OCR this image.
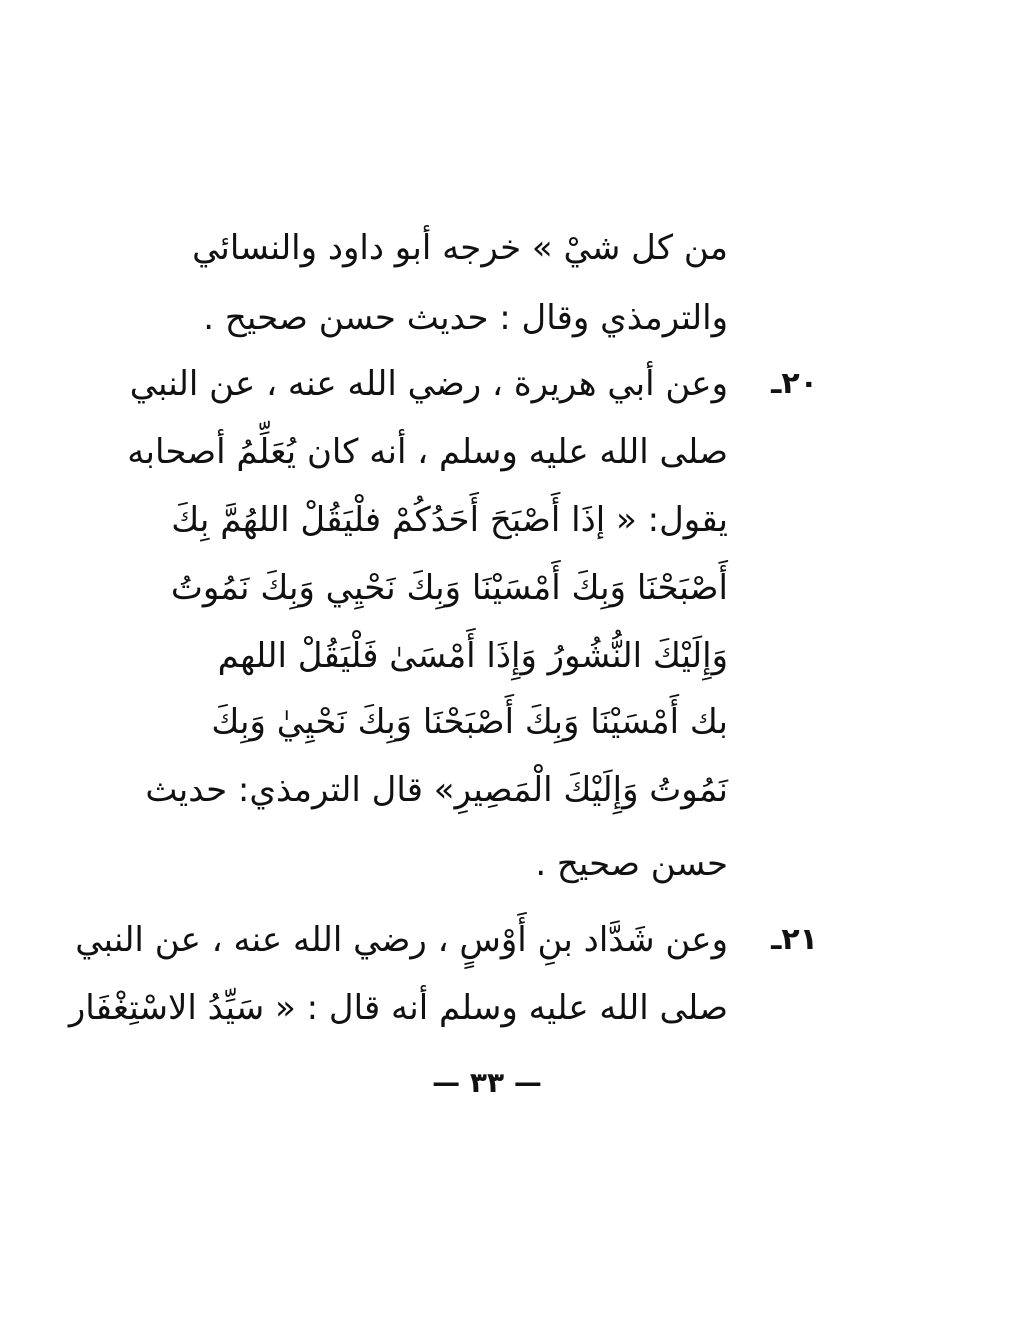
من كل شيْ » خرجه أبو داود والنسائي
والترمذي وقال : حديث حسن صحيح .
٢٠ـ
وعن أبي هريرة ، رضي الله عنه ، عن النبي
صلى الله عليه وسلم ، أنه كان يُعَلِّمُ أصحابه
يقول: « إذَا أَصْبَحَ أَحَدُكُمْ فلْيَقُلْ اللهُمَّ بِكَ
أَصْبَحْنَا وَبِكَ أَمْسَيْنَا وَبِكَ نَحْيِي وَبِكَ نَمُوتُ
وَإِلَيْكَ النُّشُورُ وَإِذَا أَمْسَىٰ فَلْيَقُلْ اللهم
بك أَمْسَيْنَا وَبِكَ أَصْبَحْنَا وَبِكَ نَحْيِيٰ وَبِكَ
نَمُوتُ وَإِلَيْكَ الْمَصِيرِ» قال الترمذي: حديث
حسن صحيح .
٢١ـ
وعن شَدَّاد بنِ أَوْسٍ ، رضي الله عنه ، عن النبي
صلى الله عليه وسلم أنه قال : « سَيِّدُ الاسْتِغْفَار
— ٣٣ —
